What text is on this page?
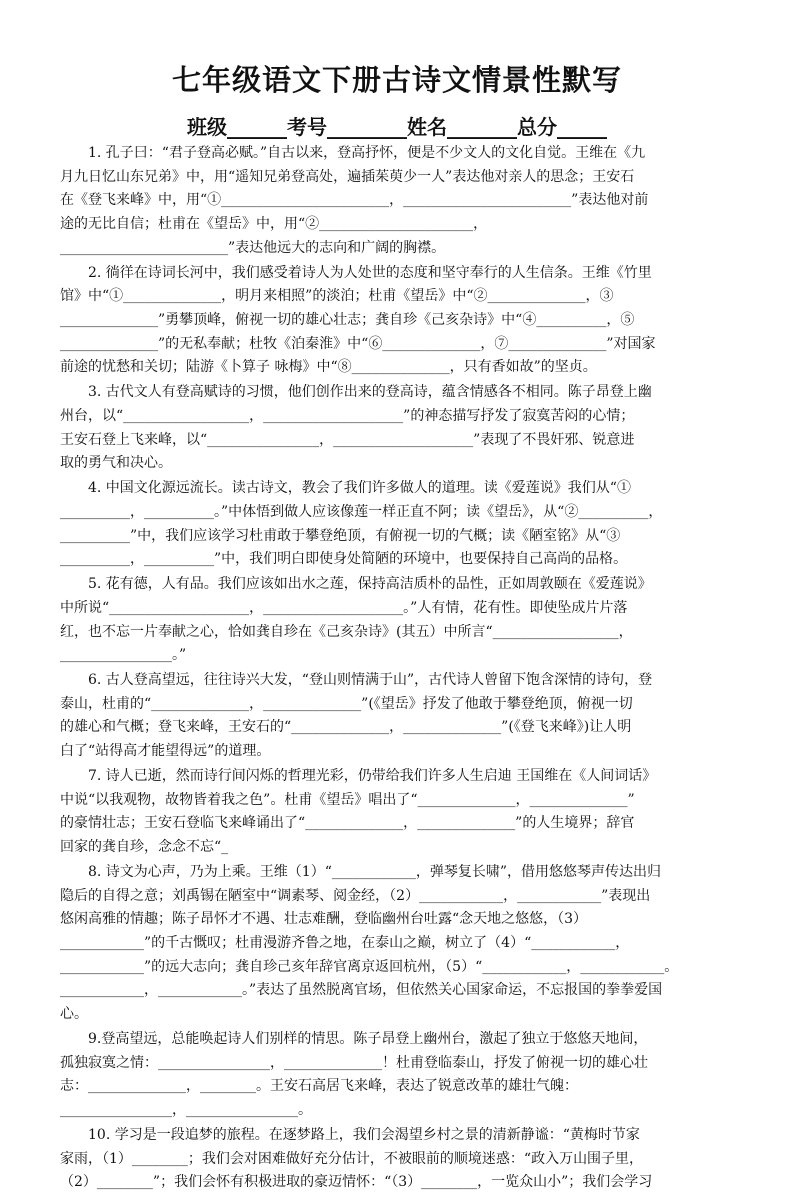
七年级语文下册古诗文情景性默写
班级______考号________姓名_______总分_____
　　1. 孔子曰：“君子登高必赋。”自古以来，登高抒怀，便是不少文人的文化自觉。王维在《九
月九日忆山东兄弟》中，用“遥知兄弟登高处，遍插茱萸少一人”表达他对亲人的思念；王安石
在《登飞来峰》中，用“①________________________，________________________”表达他对前
途的无比自信；杜甫在《望岳》中，用“②______________________，
________________________”表达他远大的志向和广阔的胸襟。
　　2. 徜徉在诗词长河中，我们感受着诗人为人处世的态度和坚守奉行的人生信条。王维《竹里
馆》中“①______________，明月来相照”的淡泊；杜甫《望岳》中“②______________，③
______________”勇攀顶峰，俯视一切的雄心壮志；龚自珍《己亥杂诗》中“④__________，⑤
______________”的无私奉献；杜牧《泊秦淮》中“⑥______________，⑦______________”对国家
前途的忧愁和关切；陆游《卜算子 咏梅》中“⑧______________，只有香如故”的坚贞。
　　3. 古代文人有登高赋诗的习惯，他们创作出来的登高诗，蕴含情感各不相同。陈子昂登上幽
州台，以“__________________，____________________”的神态描写抒发了寂寞苦闷的心情；
王安石登上飞来峰，以“________________，____________________”表现了不畏奸邪、锐意进
取的勇气和决心。
　　4. 中国文化源远流长。读古诗文，教会了我们许多做人的道理。读《爱莲说》我们从“①
__________，__________。”中体悟到做人应该像莲一样正直不阿；读《望岳》，从“②__________，
__________”中，我们应该学习杜甫敢于攀登绝顶，有俯视一切的气概；读《陋室铭》从“③
__________，__________”中，我们明白即使身处简陋的环境中，也要保持自己高尚的品格。
　　5. 花有德，人有品。我们应该如出水之莲，保持高洁质朴的品性，正如周敦颐在《爱莲说》
中所说“____________________，____________________。”人有情，花有性。即使坠成片片落
红，也不忘一片奉献之心，恰如龚自珍在《己亥杂诗》(其五）中所言“__________________，
________________。”
　　6. 古人登高望远，往往诗兴大发，“登山则情满于山”，古代诗人曾留下饱含深情的诗句，登
泰山，杜甫的“______________，______________”(《望岳》抒发了他敢于攀登绝顶，俯视一切
的雄心和气概；登飞来峰，王安石的“______________，______________”(《登飞来峰》)让人明
白了“站得高才能望得远”的道理。
　　7. 诗人已逝，然而诗行间闪烁的哲理光彩，仍带给我们许多人生启迪 王国维在《人间词话》
中说“以我观物，故物皆着我之色”。杜甫《望岳》唱出了“______________，______________”
的豪情壮志；王安石登临飞来峰诵出了“______________，______________”的人生境界；辞官
回家的龚自珍，念念不忘“_
　　8. 诗文为心声，乃为上乘。王维（1）“____________，弹琴复长啸”，借用悠悠琴声传达出归
隐后的自得之意；刘禹锡在陋室中“调素琴、阅金经，（2）____________，____________”表现出
悠闲高雅的情趣；陈子昂怀才不遇、壮志难酬，登临幽州台吐露“念天地之悠悠，（3）
____________”的千古慨叹；杜甫漫游齐鲁之地，在泰山之巅，树立了（4）“____________，
____________”的远大志向；龚自珍己亥年辞官离京返回杭州，（5）“____________，____________。
____________，____________。”表达了虽然脱离官场，但依然关心国家命运，不忘报国的拳拳爱国
心。
　　9.登高望远，总能唤起诗人们别样的情思。陈子昂登上幽州台，激起了独立于悠悠天地间，
孤独寂寞之情：________________，______________！杜甫登临泰山，抒发了俯视一切的雄心壮
志：______________，________。王安石高居飞来峰，表达了锐意改革的雄壮气魄：
________________，________________。
　　10. 学习是一段追梦的旅程。在逐梦路上，我们会渴望乡村之景的清新静谧：“黄梅时节家
家雨，（1）________；我们会对困难做好充分估计，不被眼前的顺境迷惑：“政入万山围子里，
（2）________”；我们会怀有积极进取的豪迈情怀：“（3）________，一览众山小”；我们会学习
